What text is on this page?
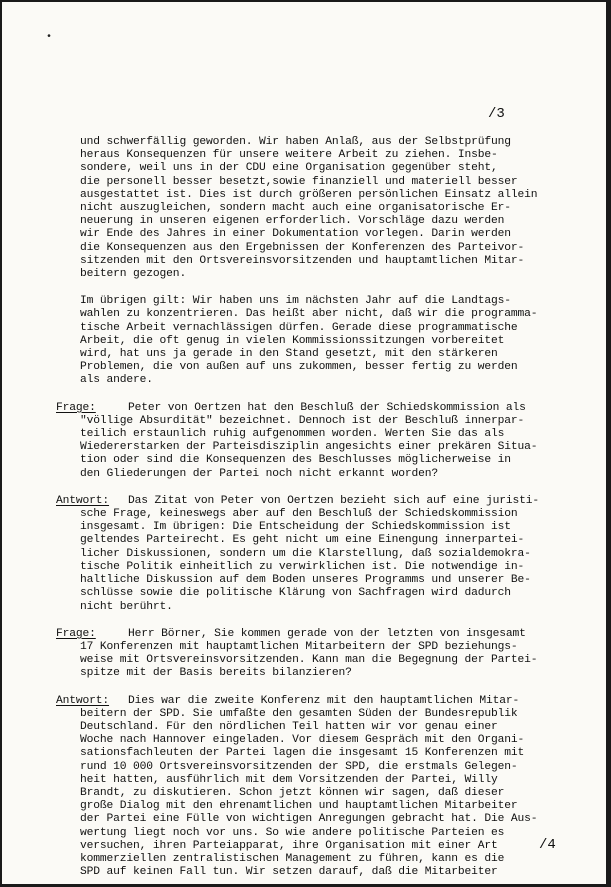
•
/3
und schwerfällig geworden. Wir haben Anlaß, aus der Selbstprüfung
heraus Konsequenzen für unsere weitere Arbeit zu ziehen. Insbe-
sondere, weil uns in der CDU eine Organisation gegenüber steht,
die personell besser besetzt,sowie finanziell und materiell besser
ausgestattet ist. Dies ist durch größeren persönlichen Einsatz allein
nicht auszugleichen, sondern macht auch eine organisatorische Er-
neuerung in unseren eigenen erforderlich. Vorschläge dazu werden
wir Ende des Jahres in einer Dokumentation vorlegen. Darin werden
die Konsequenzen aus den Ergebnissen der Konferenzen des Parteivor-
sitzenden mit den Ortsvereinsvorsitzenden und hauptamtlichen Mitar-
beitern gezogen.
Im übrigen gilt: Wir haben uns im nächsten Jahr auf die Landtags-
wahlen zu konzentrieren. Das heißt aber nicht, daß wir die programma-
tische Arbeit vernachlässigen dürfen. Gerade diese programmatische
Arbeit, die oft genug in vielen Kommissionssitzungen vorbereitet
wird, hat uns ja gerade in den Stand gesetzt, mit den stärkeren
Problemen, die von außen auf uns zukommen, besser fertig zu werden
als andere.
Frage:	Peter von Oertzen hat den Beschluß der Schiedskommission als
"völlige Absurdität" bezeichnet. Dennoch ist der Beschluß innerpar-
teilich erstaunlich ruhig aufgenommen worden. Werten Sie das als
Wiedererstarken der Parteisdisziplin angesichts einer prekären Situa-
tion oder sind die Konsequenzen des Beschlusses möglicherweise in
den Gliederungen der Partei noch nicht erkannt worden?
Antwort:	Das Zitat von Peter von Oertzen bezieht sich auf eine juristi-
sche Frage, keineswegs aber auf den Beschluß der Schiedskommission
insgesamt. Im übrigen: Die Entscheidung der Schiedskommission ist
geltendes Parteirecht. Es geht nicht um eine Einengung innerpartei-
licher Diskussionen, sondern um die Klarstellung, daß sozialdemokra-
tische Politik einheitlich zu verwirklichen ist. Die notwendige in-
haltliche Diskussion auf dem Boden unseres Programms und unserer Be-
schlüsse sowie die politische Klärung von Sachfragen wird dadurch
nicht berührt.
Frage:	Herr Börner, Sie kommen gerade von der letzten von insgesamt
17 Konferenzen mit hauptamtlichen Mitarbeitern der SPD beziehungs-
weise mit Ortsvereinsvorsitzenden. Kann man die Begegnung der Partei-
spitze mit der Basis bereits bilanzieren?
Antwort:	Dies war die zweite Konferenz mit den hauptamtlichen Mitar-
beitern der SPD. Sie umfaßte den gesamten Süden der Bundesrepublik
Deutschland. Für den nördlichen Teil hatten wir vor genau einer
Woche nach Hannover eingeladen. Vor diesem Gespräch mit den Organi-
sationsfachleuten der Partei lagen die insgesamt 15 Konferenzen mit
rund 10 000 Ortsvereinsvorsitzenden der SPD, die erstmals Gelegen-
heit hatten, ausführlich mit dem Vorsitzenden der Partei, Willy
Brandt, zu diskutieren. Schon jetzt können wir sagen, daß dieser
große Dialog mit den ehrenamtlichen und hauptamtlichen Mitarbeiter
der Partei eine Fülle von wichtigen Anregungen gebracht hat. Die Aus-
wertung liegt noch vor uns. So wie andere politische Parteien es
versuchen, ihren Parteiapparat, ihre Organisation mit einer Art
kommerziellen zentralistischen Management zu führen, kann es die
SPD auf keinen Fall tun. Wir setzen darauf, daß die Mitarbeiter
/4
